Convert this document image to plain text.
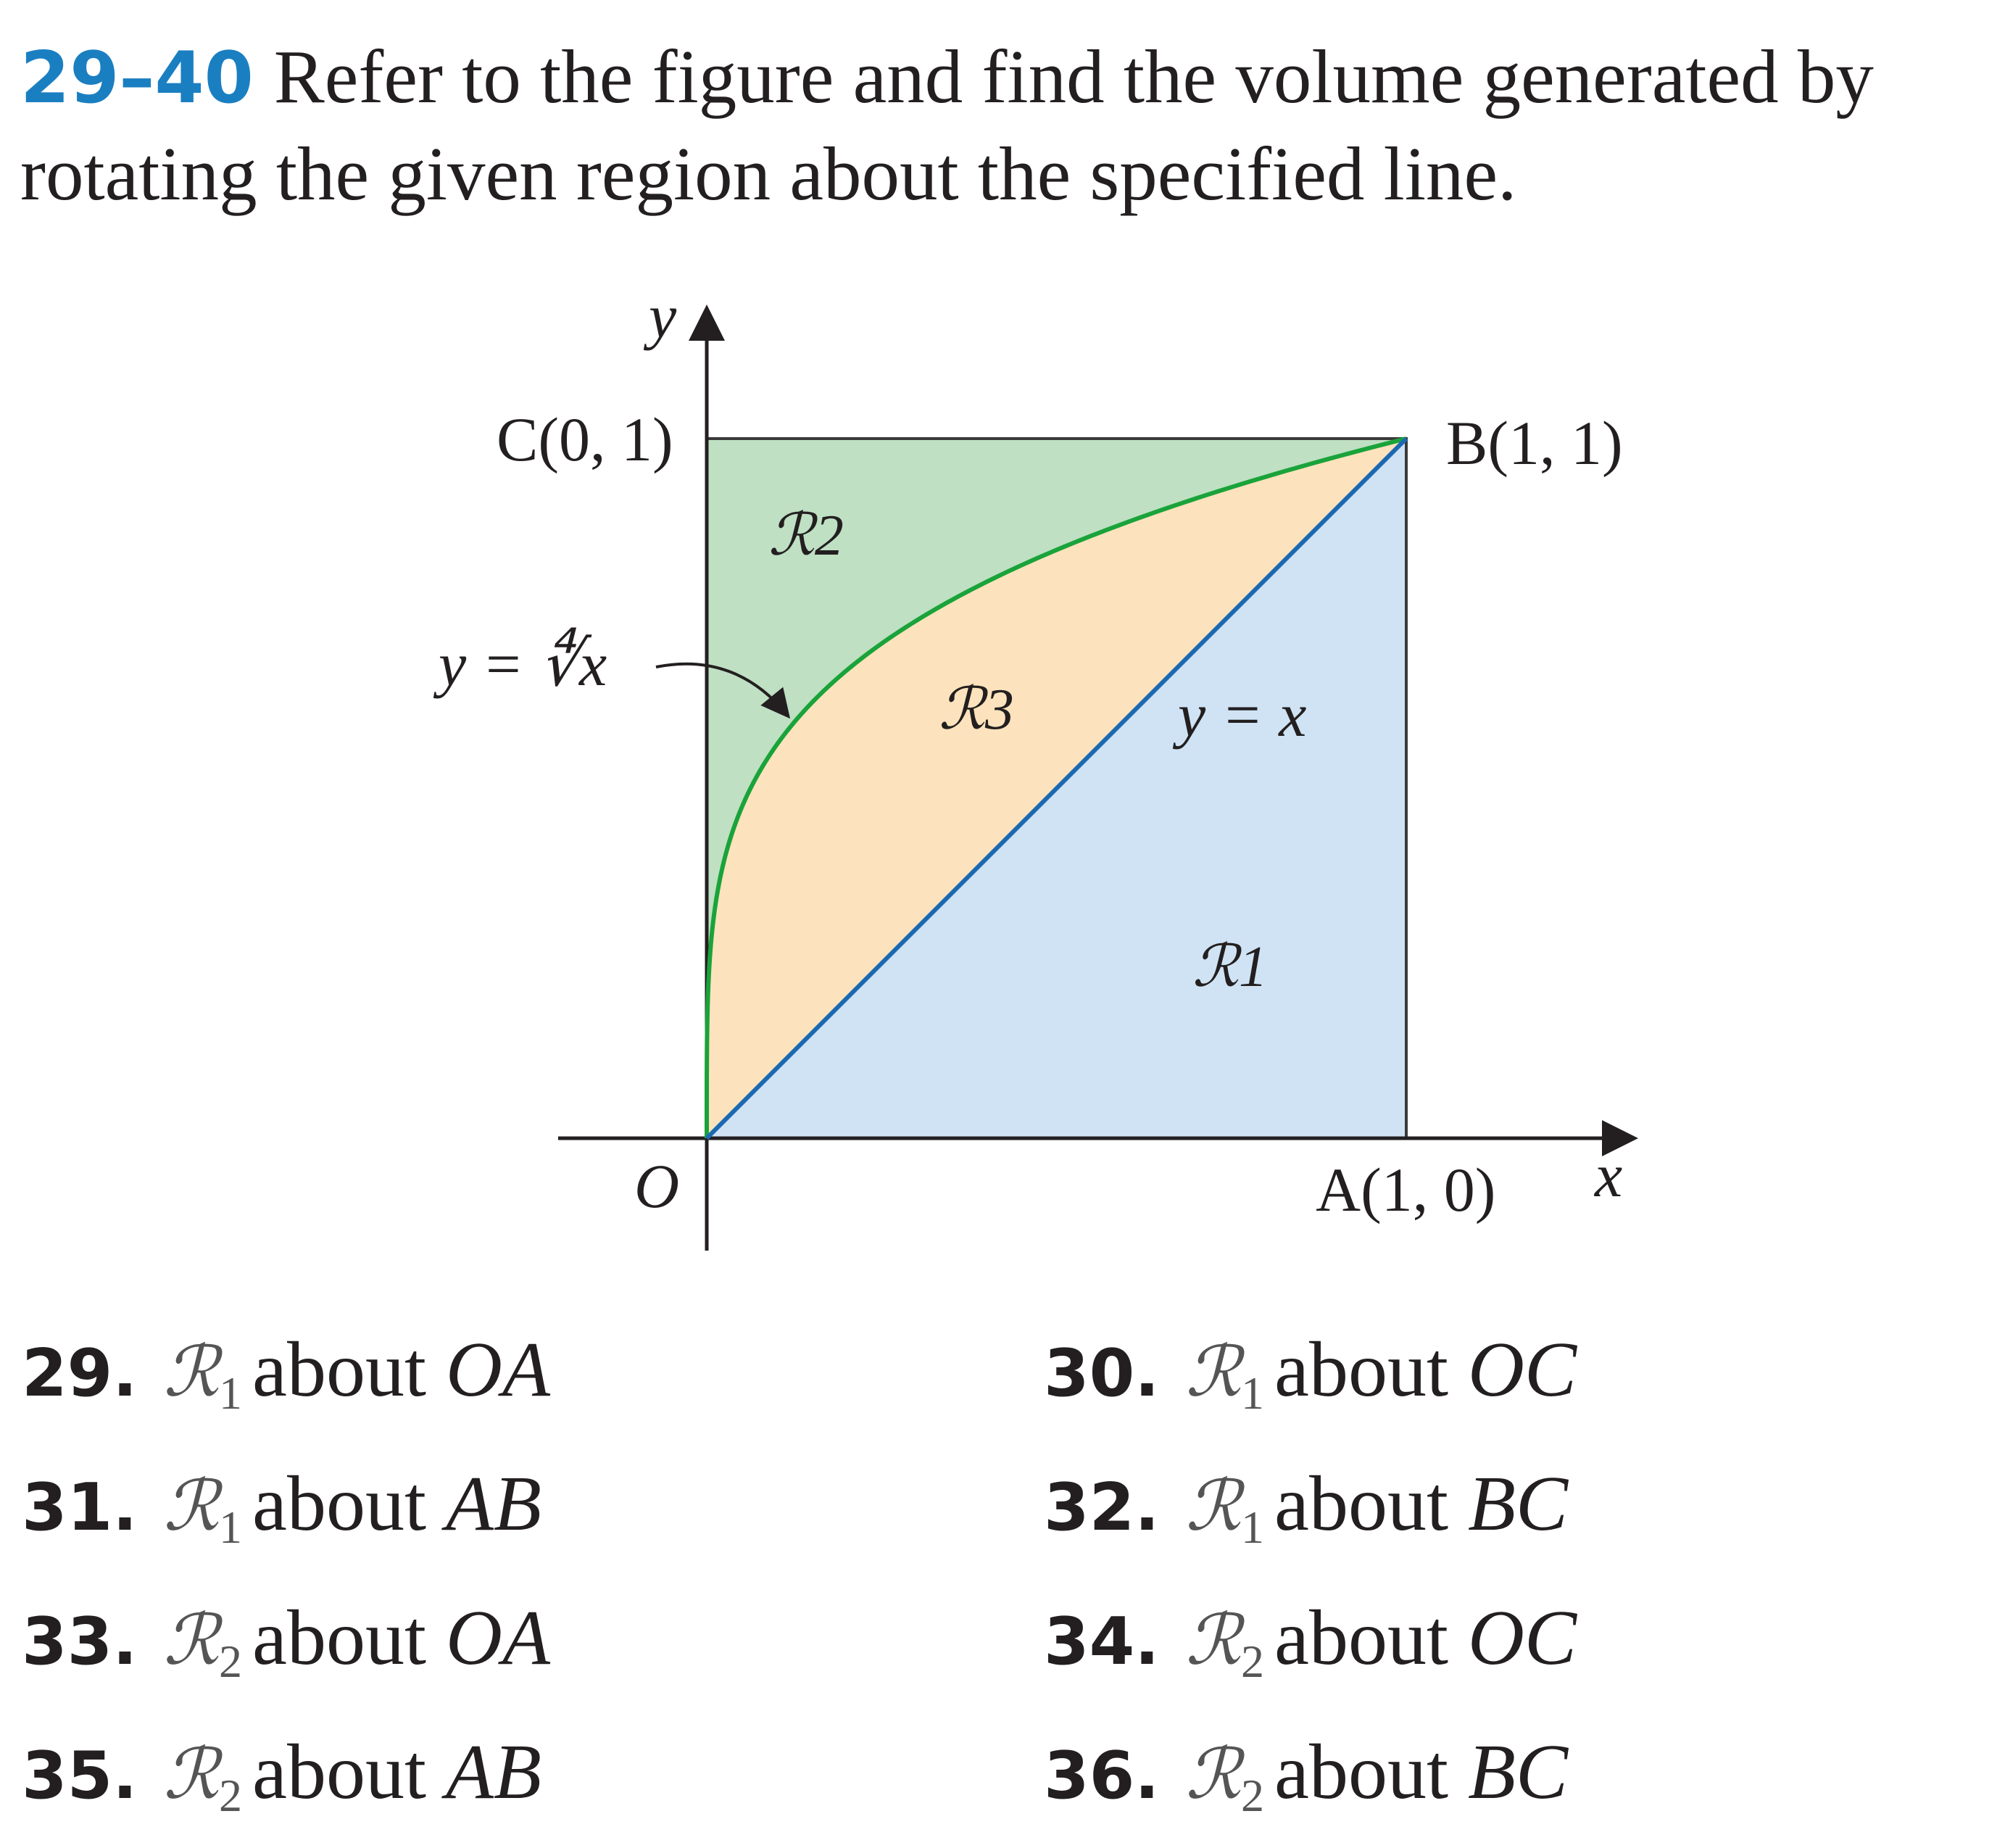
29–40 Refer to the figure and find the volume generated by rotating the given region about the specified line.
y
C(0, 1)	B(1, 1)
A(1, 0)
O	x
y = ∜x
y = x
ℛ2
ℛ3
ℛ1
29. ℛ$_1$ about OA	30. ℛ$_1$ about OC
31. ℛ$_1$ about AB	32. ℛ$_1$ about BC
33. ℛ$_2$ about OA	34. ℛ$_2$ about OC
35. ℛ$_2$ about AB	36. ℛ$_2$ about BC
